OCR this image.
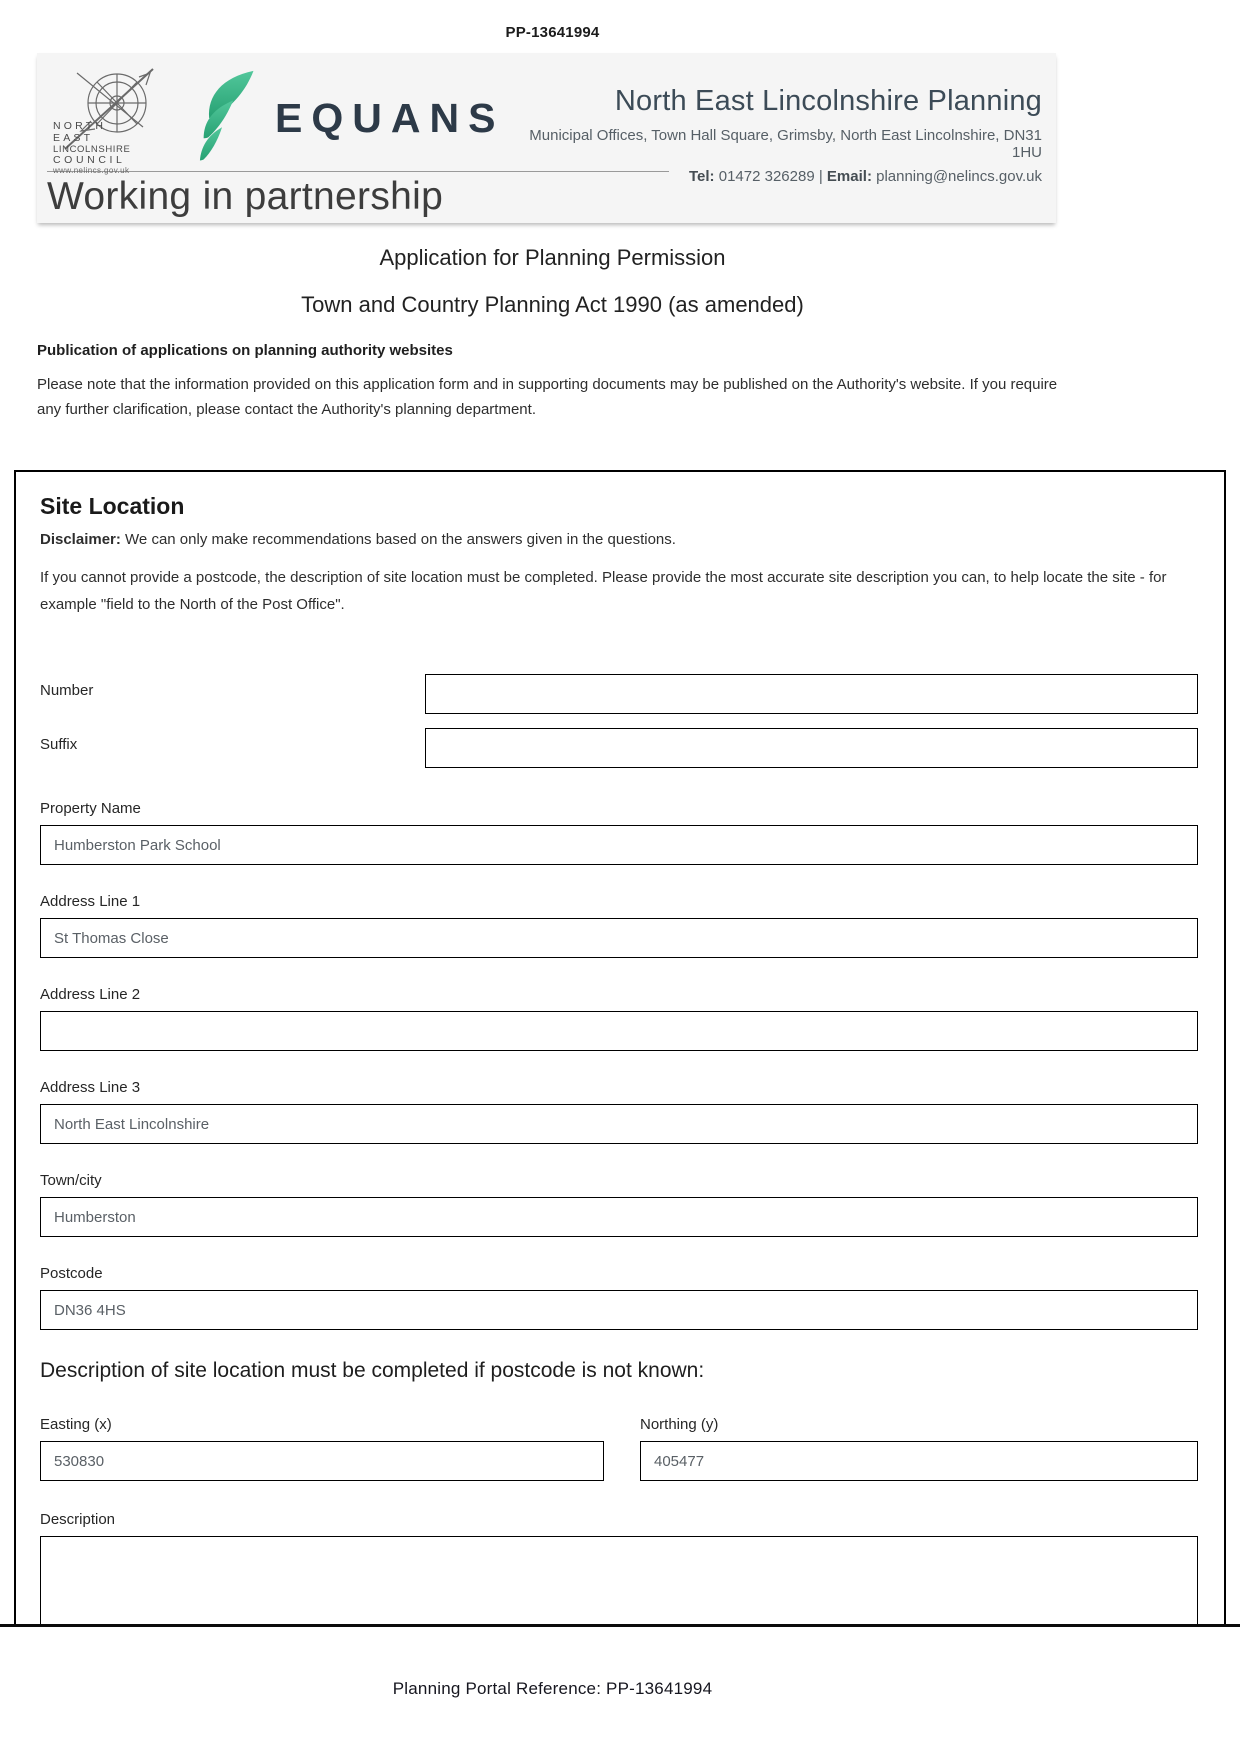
PP-13641994
NORTH
EAST
LINCOLNSHIRE
COUNCIL
www.nelincs.gov.uk
EQUANS	North East Lincolnshire Planning
Municipal Offices, Town Hall Square, Grimsby, North East Lincolnshire, DN31 1HU
Tel: 01472 326289 | Email: planning@nelincs.gov.uk
Working in partnership
Application for Planning Permission
Town and Country Planning Act 1990 (as amended)
Publication of applications on planning authority websites

Please note that the information provided on this application form and in supporting documents may be published on the Authority's website. If you require any further clarification, please contact the Authority's planning department.

Site Location
Disclaimer: We can only make recommendations based on the answers given in the questions.

If you cannot provide a postcode, the description of site location must be completed. Please provide the most accurate site description you can, to help locate the site - for example "field to the North of the Post Office".

Number
Suffix
Property Name
Humberston Park School
Address Line 1
St Thomas Close
Address Line 2
Address Line 3
North East Lincolnshire
Town/city
Humberston
Postcode
DN36 4HS
Description of site location must be completed if postcode is not known:
Easting (x)
530830	Northing (y)
405477
Description
Planning Portal Reference: PP-13641994
